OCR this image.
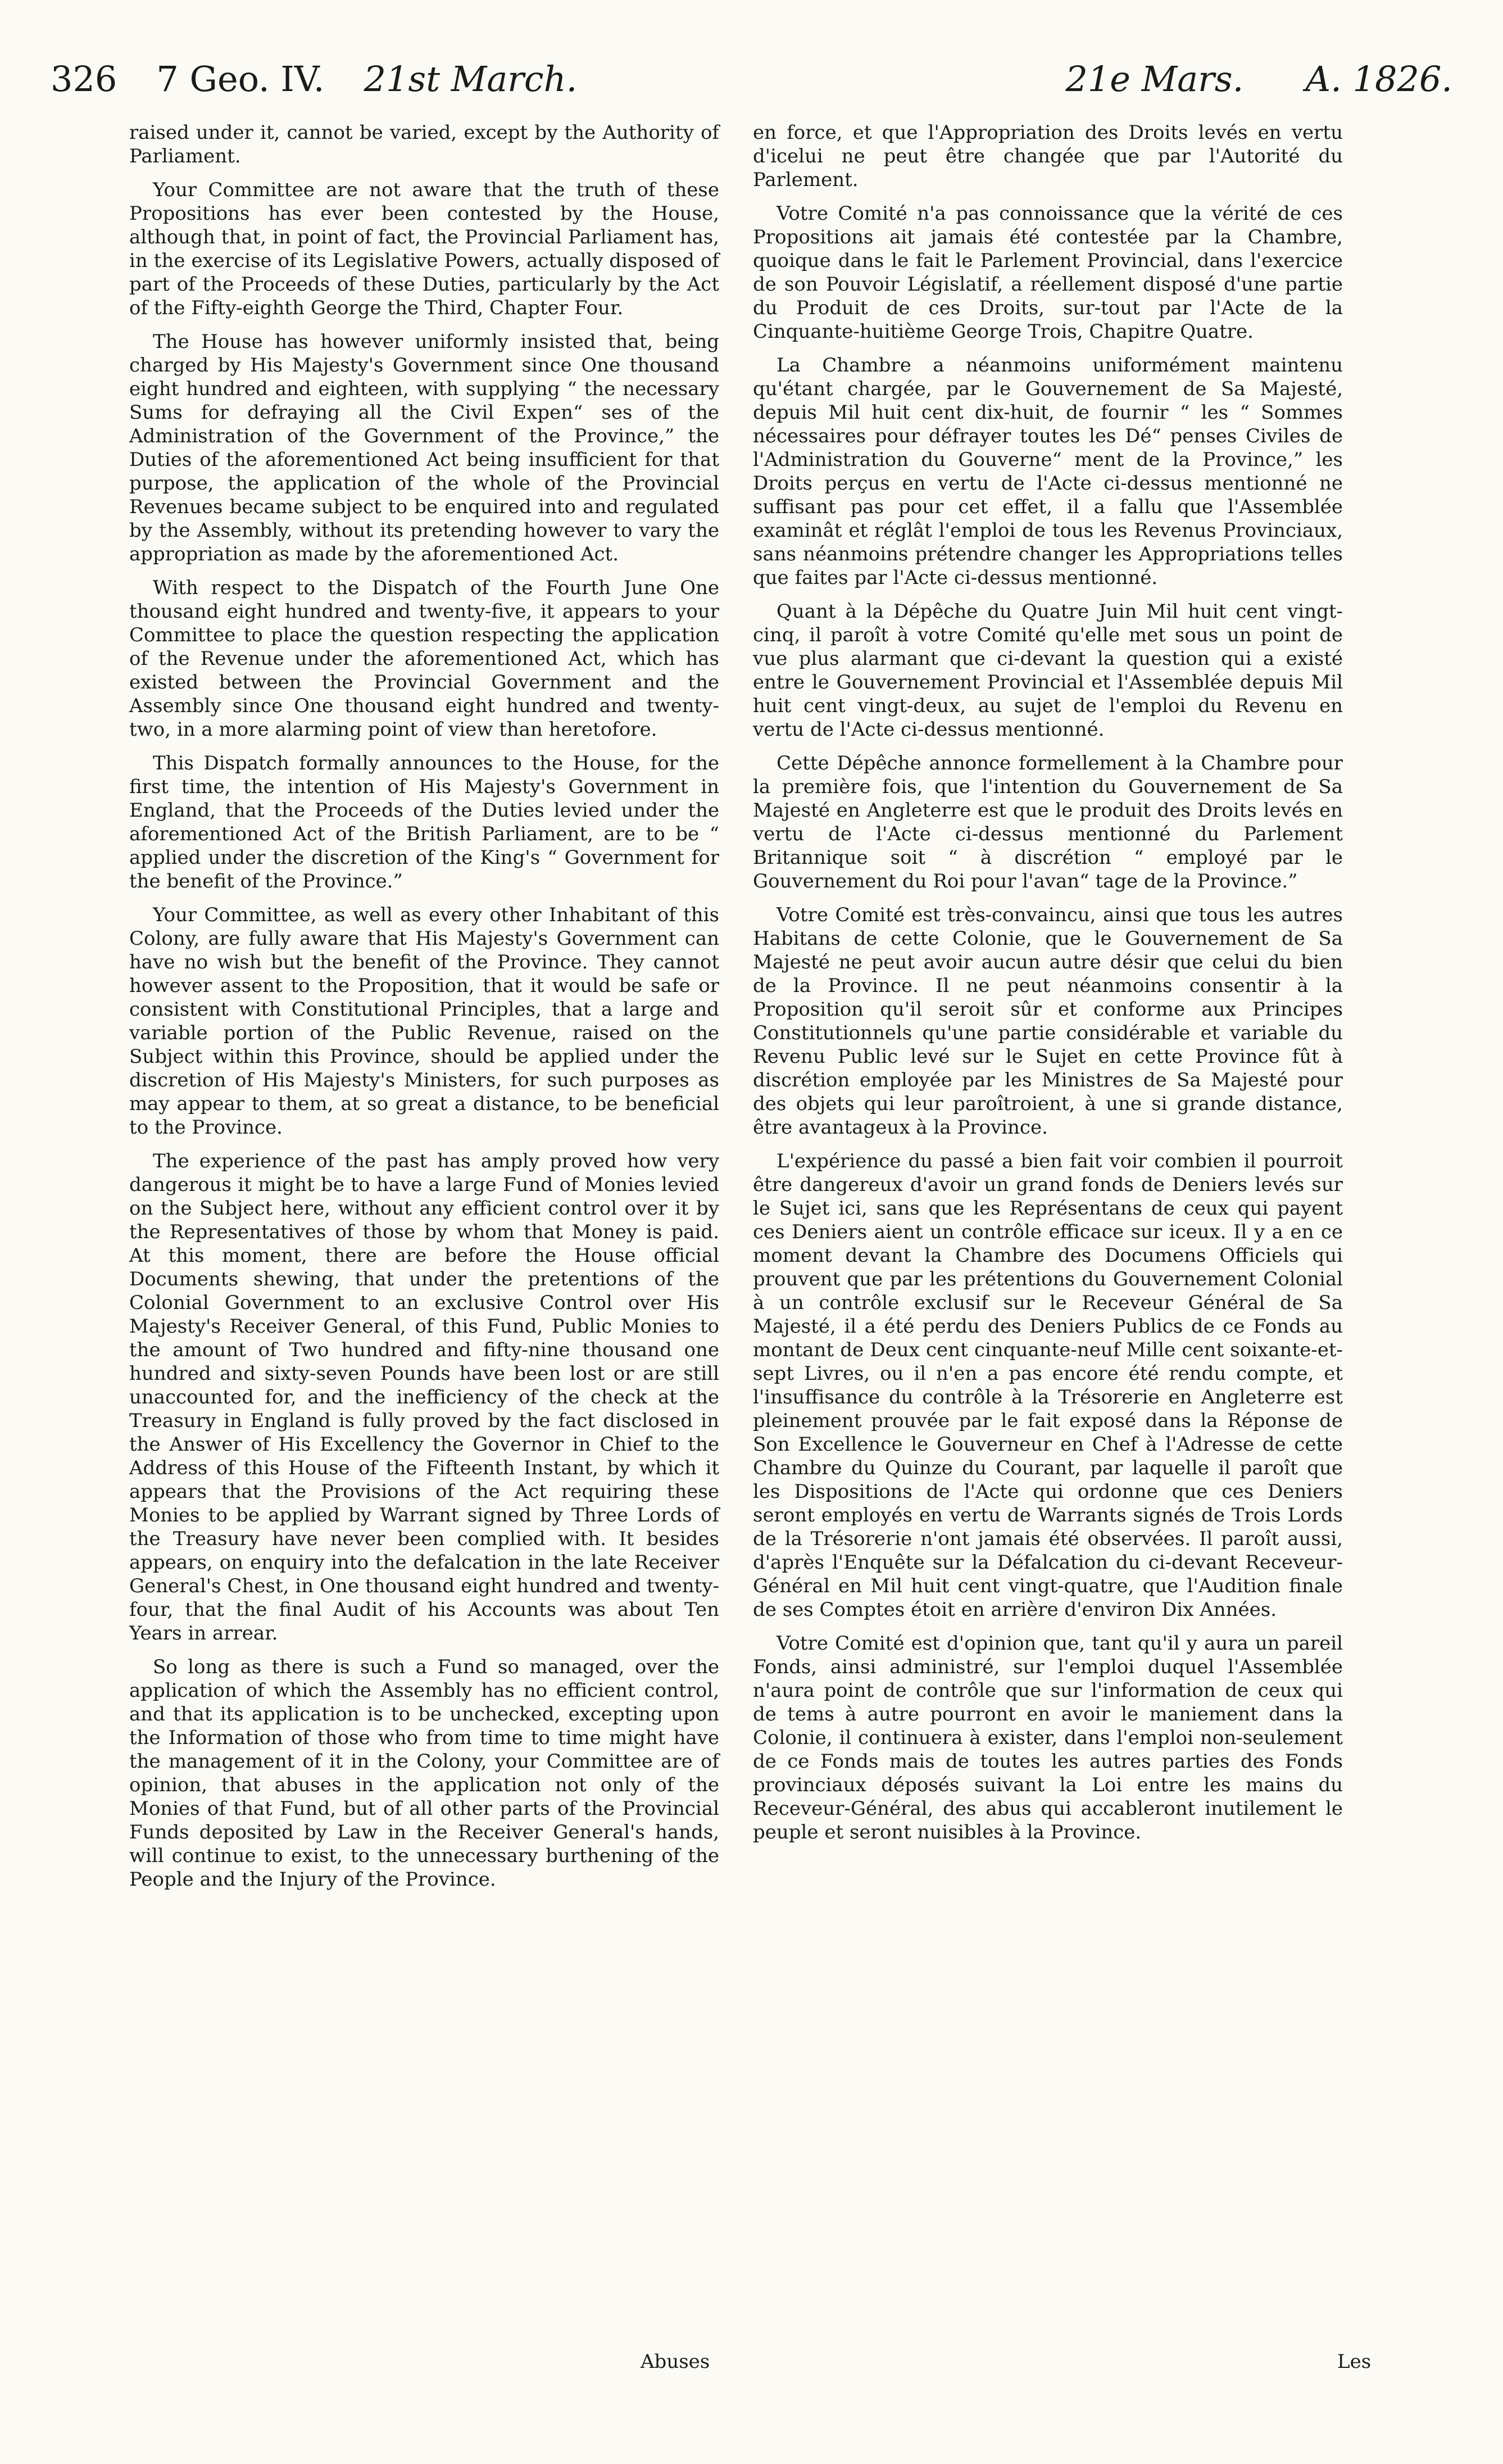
326 7 Geo. IV. 21st March.	21e Mars. A. 1826.

raised under it, cannot be varied, except by the Authority of Parliament.

Your Committee are not aware that the truth of these Propositions has ever been contested by the House, although that, in point of fact, the Provincial Parliament has, in the exercise of its Legislative Powers, actually disposed of part of the Proceeds of these Duties, particularly by the Act of the Fifty-eighth George the Third, Chapter Four.

The House has however uniformly insisted that, being charged by His Majesty's Government since One thousand eight hundred and eighteen, with supplying “ the necessary Sums for defraying all the Civil Expen“ ses of the Administration of the Government of the Province,” the Duties of the aforementioned Act being insufficient for that purpose, the application of the whole of the Provincial Revenues became subject to be enquired into and regulated by the Assembly, without its pretending however to vary the appropriation as made by the aforementioned Act.

With respect to the Dispatch of the Fourth June One thousand eight hundred and twenty-five, it appears to your Committee to place the question respecting the application of the Revenue under the aforementioned Act, which has existed between the Provincial Government and the Assembly since One thousand eight hundred and twenty-two, in a more alarming point of view than heretofore.

This Dispatch formally announces to the House, for the first time, the intention of His Majesty's Government in England, that the Proceeds of the Duties levied under the aforementioned Act of the British Parliament, are to be “ applied under the discretion of the King's “ Government for the benefit of the Province.”

Your Committee, as well as every other Inhabitant of this Colony, are fully aware that His Majesty's Government can have no wish but the benefit of the Province. They cannot however assent to the Proposition, that it would be safe or consistent with Constitutional Principles, that a large and variable portion of the Public Revenue, raised on the Subject within this Province, should be applied under the discretion of His Majesty's Ministers, for such purposes as may appear to them, at so great a distance, to be beneficial to the Province.

The experience of the past has amply proved how very dangerous it might be to have a large Fund of Monies levied on the Subject here, without any efficient control over it by the Representatives of those by whom that Money is paid. At this moment, there are before the House official Documents shewing, that under the pretentions of the Colonial Government to an exclusive Control over His Majesty's Receiver General, of this Fund, Public Monies to the amount of Two hundred and fifty-nine thousand one hundred and sixty-seven Pounds have been lost or are still unaccounted for, and the inefficiency of the check at the Treasury in England is fully proved by the fact disclosed in the Answer of His Excellency the Governor in Chief to the Address of this House of the Fifteenth Instant, by which it appears that the Provisions of the Act requiring these Monies to be applied by Warrant signed by Three Lords of the Treasury have never been complied with. It besides appears, on enquiry into the defalcation in the late Receiver General's Chest, in One thousand eight hundred and twenty-four, that the final Audit of his Accounts was about Ten Years in arrear.

So long as there is such a Fund so managed, over the application of which the Assembly has no efficient control, and that its application is to be unchecked, excepting upon the Information of those who from time to time might have the management of it in the Colony, your Committee are of opinion, that abuses in the application not only of the Monies of that Fund, but of all other parts of the Provincial Funds deposited by Law in the Receiver General's hands, will continue to exist, to the unnecessary burthening of the People and the Injury of the Province.

en force, et que l'Appropriation des Droits levés en vertu d'icelui ne peut être changée que par l'Autorité du Parlement.

Votre Comité n'a pas connoissance que la vérité de ces Propositions ait jamais été contestée par la Chambre, quoique dans le fait le Parlement Provincial, dans l'exercice de son Pouvoir Législatif, a réellement disposé d'une partie du Produit de ces Droits, sur-tout par l'Acte de la Cinquante-huitième George Trois, Chapitre Quatre.

La Chambre a néanmoins uniformément maintenu qu'étant chargée, par le Gouvernement de Sa Majesté, depuis Mil huit cent dix-huit, de fournir “ les “ Sommes nécessaires pour défrayer toutes les Dé“ penses Civiles de l'Administration du Gouverne“ ment de la Province,” les Droits perçus en vertu de l'Acte ci-dessus mentionné ne suffisant pas pour cet effet, il a fallu que l'Assemblée examinât et réglât l'emploi de tous les Revenus Provinciaux, sans néanmoins prétendre changer les Appropriations telles que faites par l'Acte ci-dessus mentionné.

Quant à la Dépêche du Quatre Juin Mil huit cent vingt-cinq, il paroît à votre Comité qu'elle met sous un point de vue plus alarmant que ci-devant la question qui a existé entre le Gouvernement Provincial et l'Assemblée depuis Mil huit cent vingt-deux, au sujet de l'emploi du Revenu en vertu de l'Acte ci-dessus mentionné.

Cette Dépêche annonce formellement à la Chambre pour la première fois, que l'intention du Gouvernement de Sa Majesté en Angleterre est que le produit des Droits levés en vertu de l'Acte ci-dessus mentionné du Parlement Britannique soit “ à discrétion “ employé par le Gouvernement du Roi pour l'avan“ tage de la Province.”

Votre Comité est très-convaincu, ainsi que tous les autres Habitans de cette Colonie, que le Gouvernement de Sa Majesté ne peut avoir aucun autre désir que celui du bien de la Province. Il ne peut néanmoins consentir à la Proposition qu'il seroit sûr et conforme aux Principes Constitutionnels qu'une partie considérable et variable du Revenu Public levé sur le Sujet en cette Province fût à discrétion employée par les Ministres de Sa Majesté pour des objets qui leur paroîtroient, à une si grande distance, être avantageux à la Province.

L'expérience du passé a bien fait voir combien il pourroit être dangereux d'avoir un grand fonds de Deniers levés sur le Sujet ici, sans que les Représentans de ceux qui payent ces Deniers aient un contrôle efficace sur iceux. Il y a en ce moment devant la Chambre des Documens Officiels qui prouvent que par les prétentions du Gouvernement Colonial à un contrôle exclusif sur le Receveur Général de Sa Majesté, il a été perdu des Deniers Publics de ce Fonds au montant de Deux cent cinquante-neuf Mille cent soixante-et-sept Livres, ou il n'en a pas encore été rendu compte, et l'insuffisance du contrôle à la Trésorerie en Angleterre est pleinement prouvée par le fait exposé dans la Réponse de Son Excellence le Gouverneur en Chef à l'Adresse de cette Chambre du Quinze du Courant, par laquelle il paroît que les Dispositions de l'Acte qui ordonne que ces Deniers seront employés en vertu de Warrants signés de Trois Lords de la Trésorerie n'ont jamais été observées. Il paroît aussi, d'après l'Enquête sur la Défalcation du ci-devant Receveur-Général en Mil huit cent vingt-quatre, que l'Audition finale de ses Comptes étoit en arrière d'environ Dix Années.

Votre Comité est d'opinion que, tant qu'il y aura un pareil Fonds, ainsi administré, sur l'emploi duquel l'Assemblée n'aura point de contrôle que sur l'information de ceux qui de tems à autre pourront en avoir le maniement dans la Colonie, il continuera à exister, dans l'emploi non-seulement de ce Fonds mais de toutes les autres parties des Fonds provinciaux déposés suivant la Loi entre les mains du Receveur-Général, des abus qui accableront inutilement le peuple et seront nuisibles à la Province.

Abuses	Les
